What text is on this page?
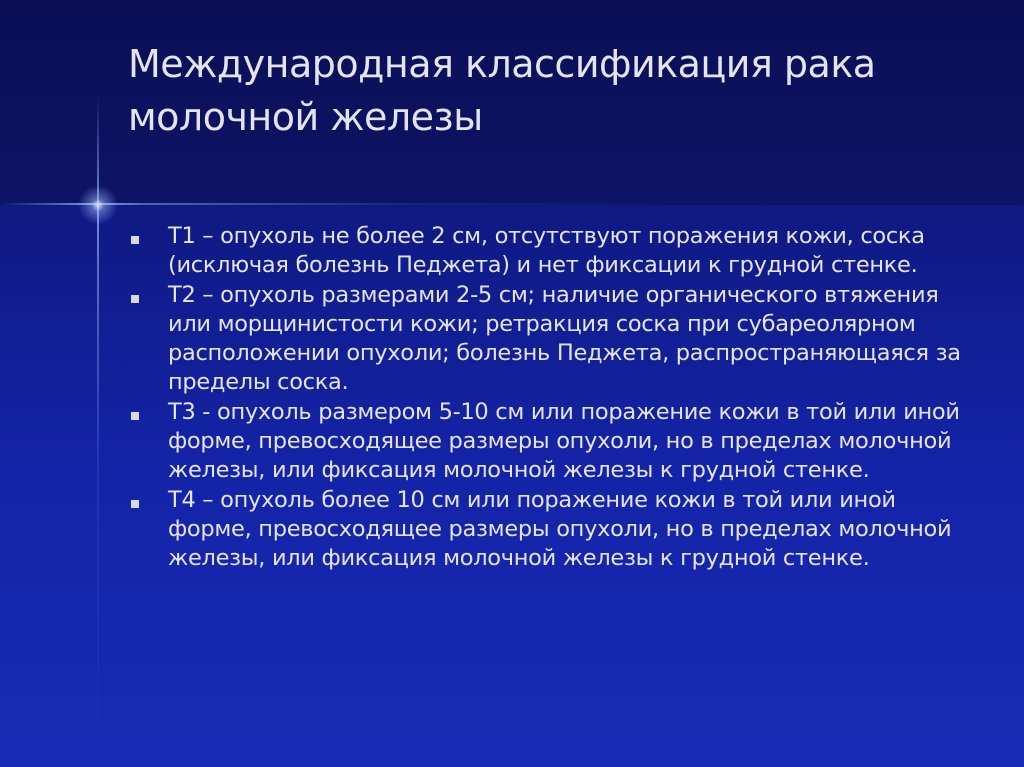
Международная классификация рака молочной железы
T1 – опухоль не более 2 см, отсутствуют поражения кожи, соска (исключая болезнь Педжета) и нет фиксации к грудной стенке.
T2 – опухоль размерами 2-5 см; наличие органического втяжения или морщинистости кожи; ретракция соска при субареолярном расположении опухоли; болезнь Педжета, распространяющаяся за пределы соска.
T3 - опухоль размером 5-10 см или поражение кожи в той или иной форме, превосходящее размеры опухоли, но в пределах молочной железы, или фиксация молочной железы к грудной стенке.
T4 – опухоль более 10 см или поражение кожи в той или иной форме, превосходящее размеры опухоли, но в пределах молочной железы, или фиксация молочной железы к грудной стенке.
